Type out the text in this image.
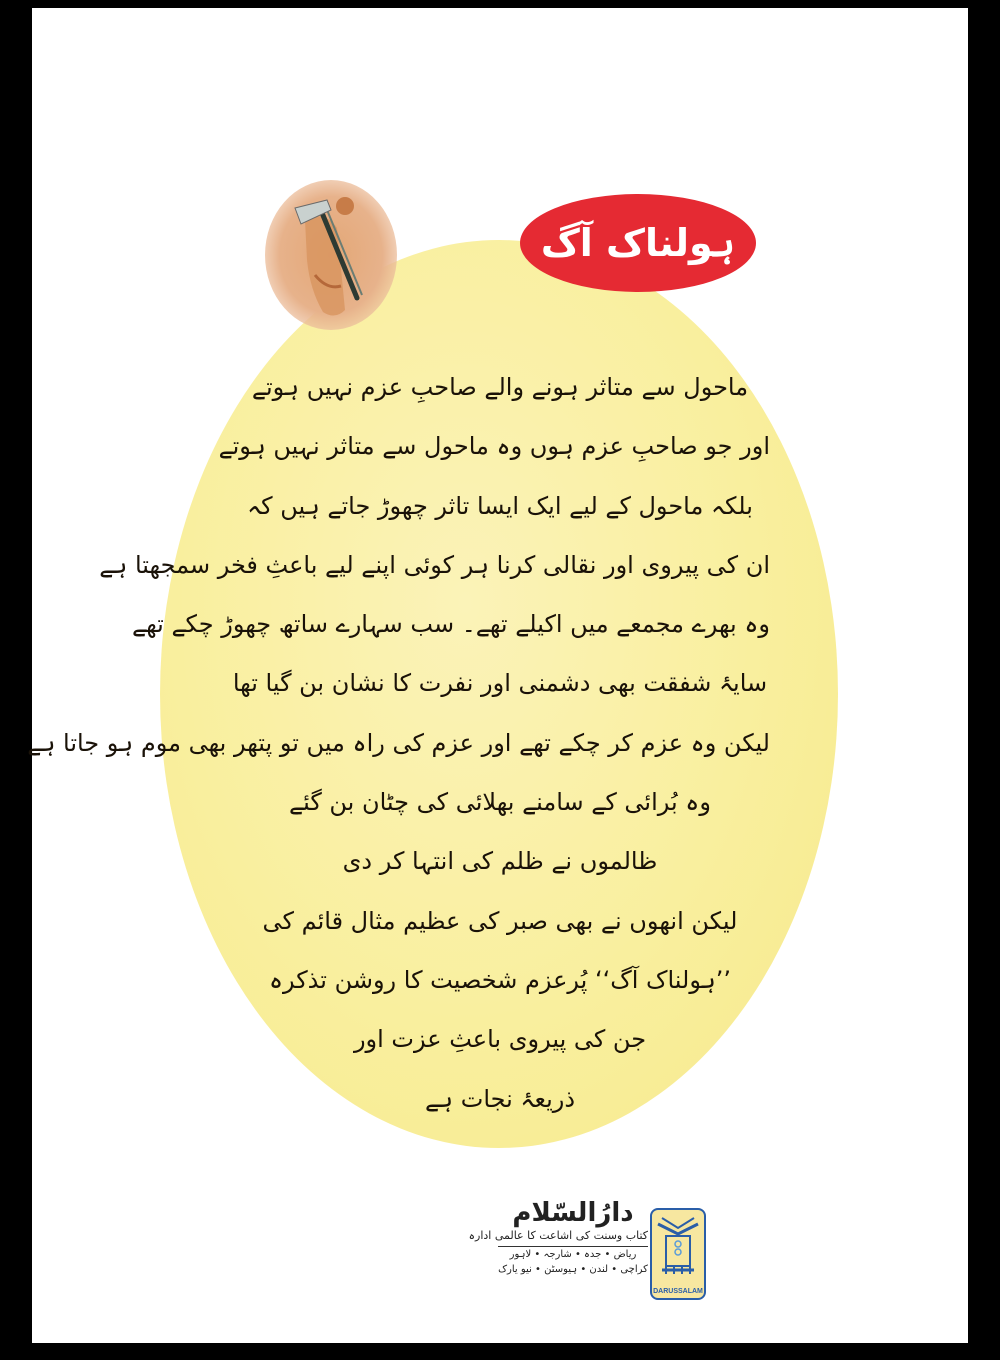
ہولناک آگ
ماحول سے متاثر ہونے والے صاحبِ عزم نہیں ہوتے
اور جو صاحبِ عزم ہوں وہ ماحول سے متاثر نہیں ہوتے
بلکہ ماحول کے لیے ایک ایسا تاثر چھوڑ جاتے ہیں کہ
ان کی پیروی اور نقالی کرنا ہر کوئی اپنے لیے باعثِ فخر سمجھتا ہے
وہ بھرے مجمعے میں اکیلے تھے۔ سب سہارے ساتھ چھوڑ چکے تھے
سایۂ شفقت بھی دشمنی اور نفرت کا نشان بن گیا تھا
لیکن وہ عزم کر چکے تھے اور عزم کی راہ میں تو پتھر بھی موم ہو جاتا ہے
وہ بُرائی کے سامنے بھلائی کی چٹان بن گئے
ظالموں نے ظلم کی انتہا کر دی
لیکن انھوں نے بھی صبر کی عظیم مثال قائم کی
’’ہولناک آگ‘‘ پُرعزم شخصیت کا روشن تذکرہ
جن کی پیروی باعثِ عزت اور
ذریعۂ نجات ہے
دارُالسّلام
کتاب وسنت کی اشاعت کا عالمی ادارہ
ریاض • جدہ • شارجہ • لاہور
کراچی • لندن • ہیوسٹن • نیو یارک
DARUSSALAM
